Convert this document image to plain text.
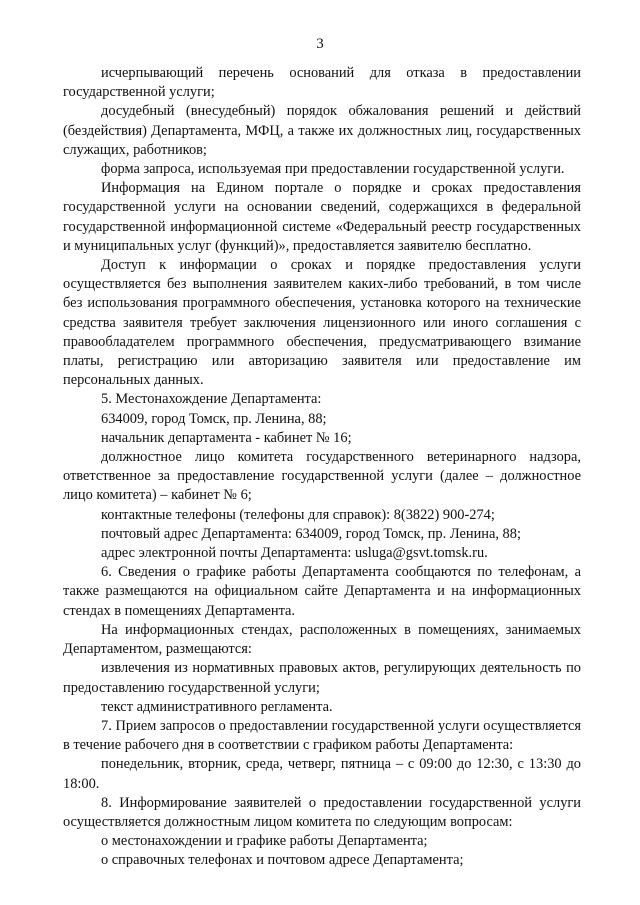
3

исчерпывающий перечень оснований для отказа в предоставлении государственной услуги;

досудебный (внесудебный) порядок обжалования решений и действий (бездействия) Департамента, МФЦ, а также их должностных лиц, государственных служащих, работников;

форма запроса, используемая при предоставлении государственной услуги.

Информация на Едином портале о порядке и сроках предоставления государственной услуги на основании сведений, содержащихся в федеральной государственной информационной системе «Федеральный реестр государственных и муниципальных услуг (функций)», предоставляется заявителю бесплатно.

Доступ к информации о сроках и порядке предоставления услуги осуществляется без выполнения заявителем каких-либо требований, в том числе без использования программного обеспечения, установка которого на технические средства заявителя требует заключения лицензионного или иного соглашения с правообладателем программного обеспечения, предусматривающего взимание платы, регистрацию или авторизацию заявителя или предоставление им персональных данных.

5. Местонахождение Департамента:

634009, город Томск, пр. Ленина, 88;

начальник департамента - кабинет № 16;

должностное лицо комитета государственного ветеринарного надзора, ответственное за предоставление государственной услуги (далее – должностное лицо комитета) – кабинет № 6;

контактные телефоны (телефоны для справок): 8(3822) 900-274;

почтовый адрес Департамента: 634009, город Томск, пр. Ленина, 88;

адрес электронной почты Департамента: usluga@gsvt.tomsk.ru.

6. Сведения о графике работы Департамента сообщаются по телефонам, а также размещаются на официальном сайте Департамента и на информационных стендах в помещениях Департамента.

На информационных стендах, расположенных в помещениях, занимаемых Департаментом, размещаются:

извлечения из нормативных правовых актов, регулирующих деятельность по предоставлению государственной услуги;

текст административного регламента.

7. Прием запросов о предоставлении государственной услуги осуществляется в течение рабочего дня в соответствии с графиком работы Департамента:

понедельник, вторник, среда, четверг, пятница – с 09:00 до 12:30, с 13:30 до 18:00.

8. Информирование заявителей о предоставлении государственной услуги осуществляется должностным лицом комитета по следующим вопросам:

о местонахождении и графике работы Департамента;

о справочных телефонах и почтовом адресе Департамента;
